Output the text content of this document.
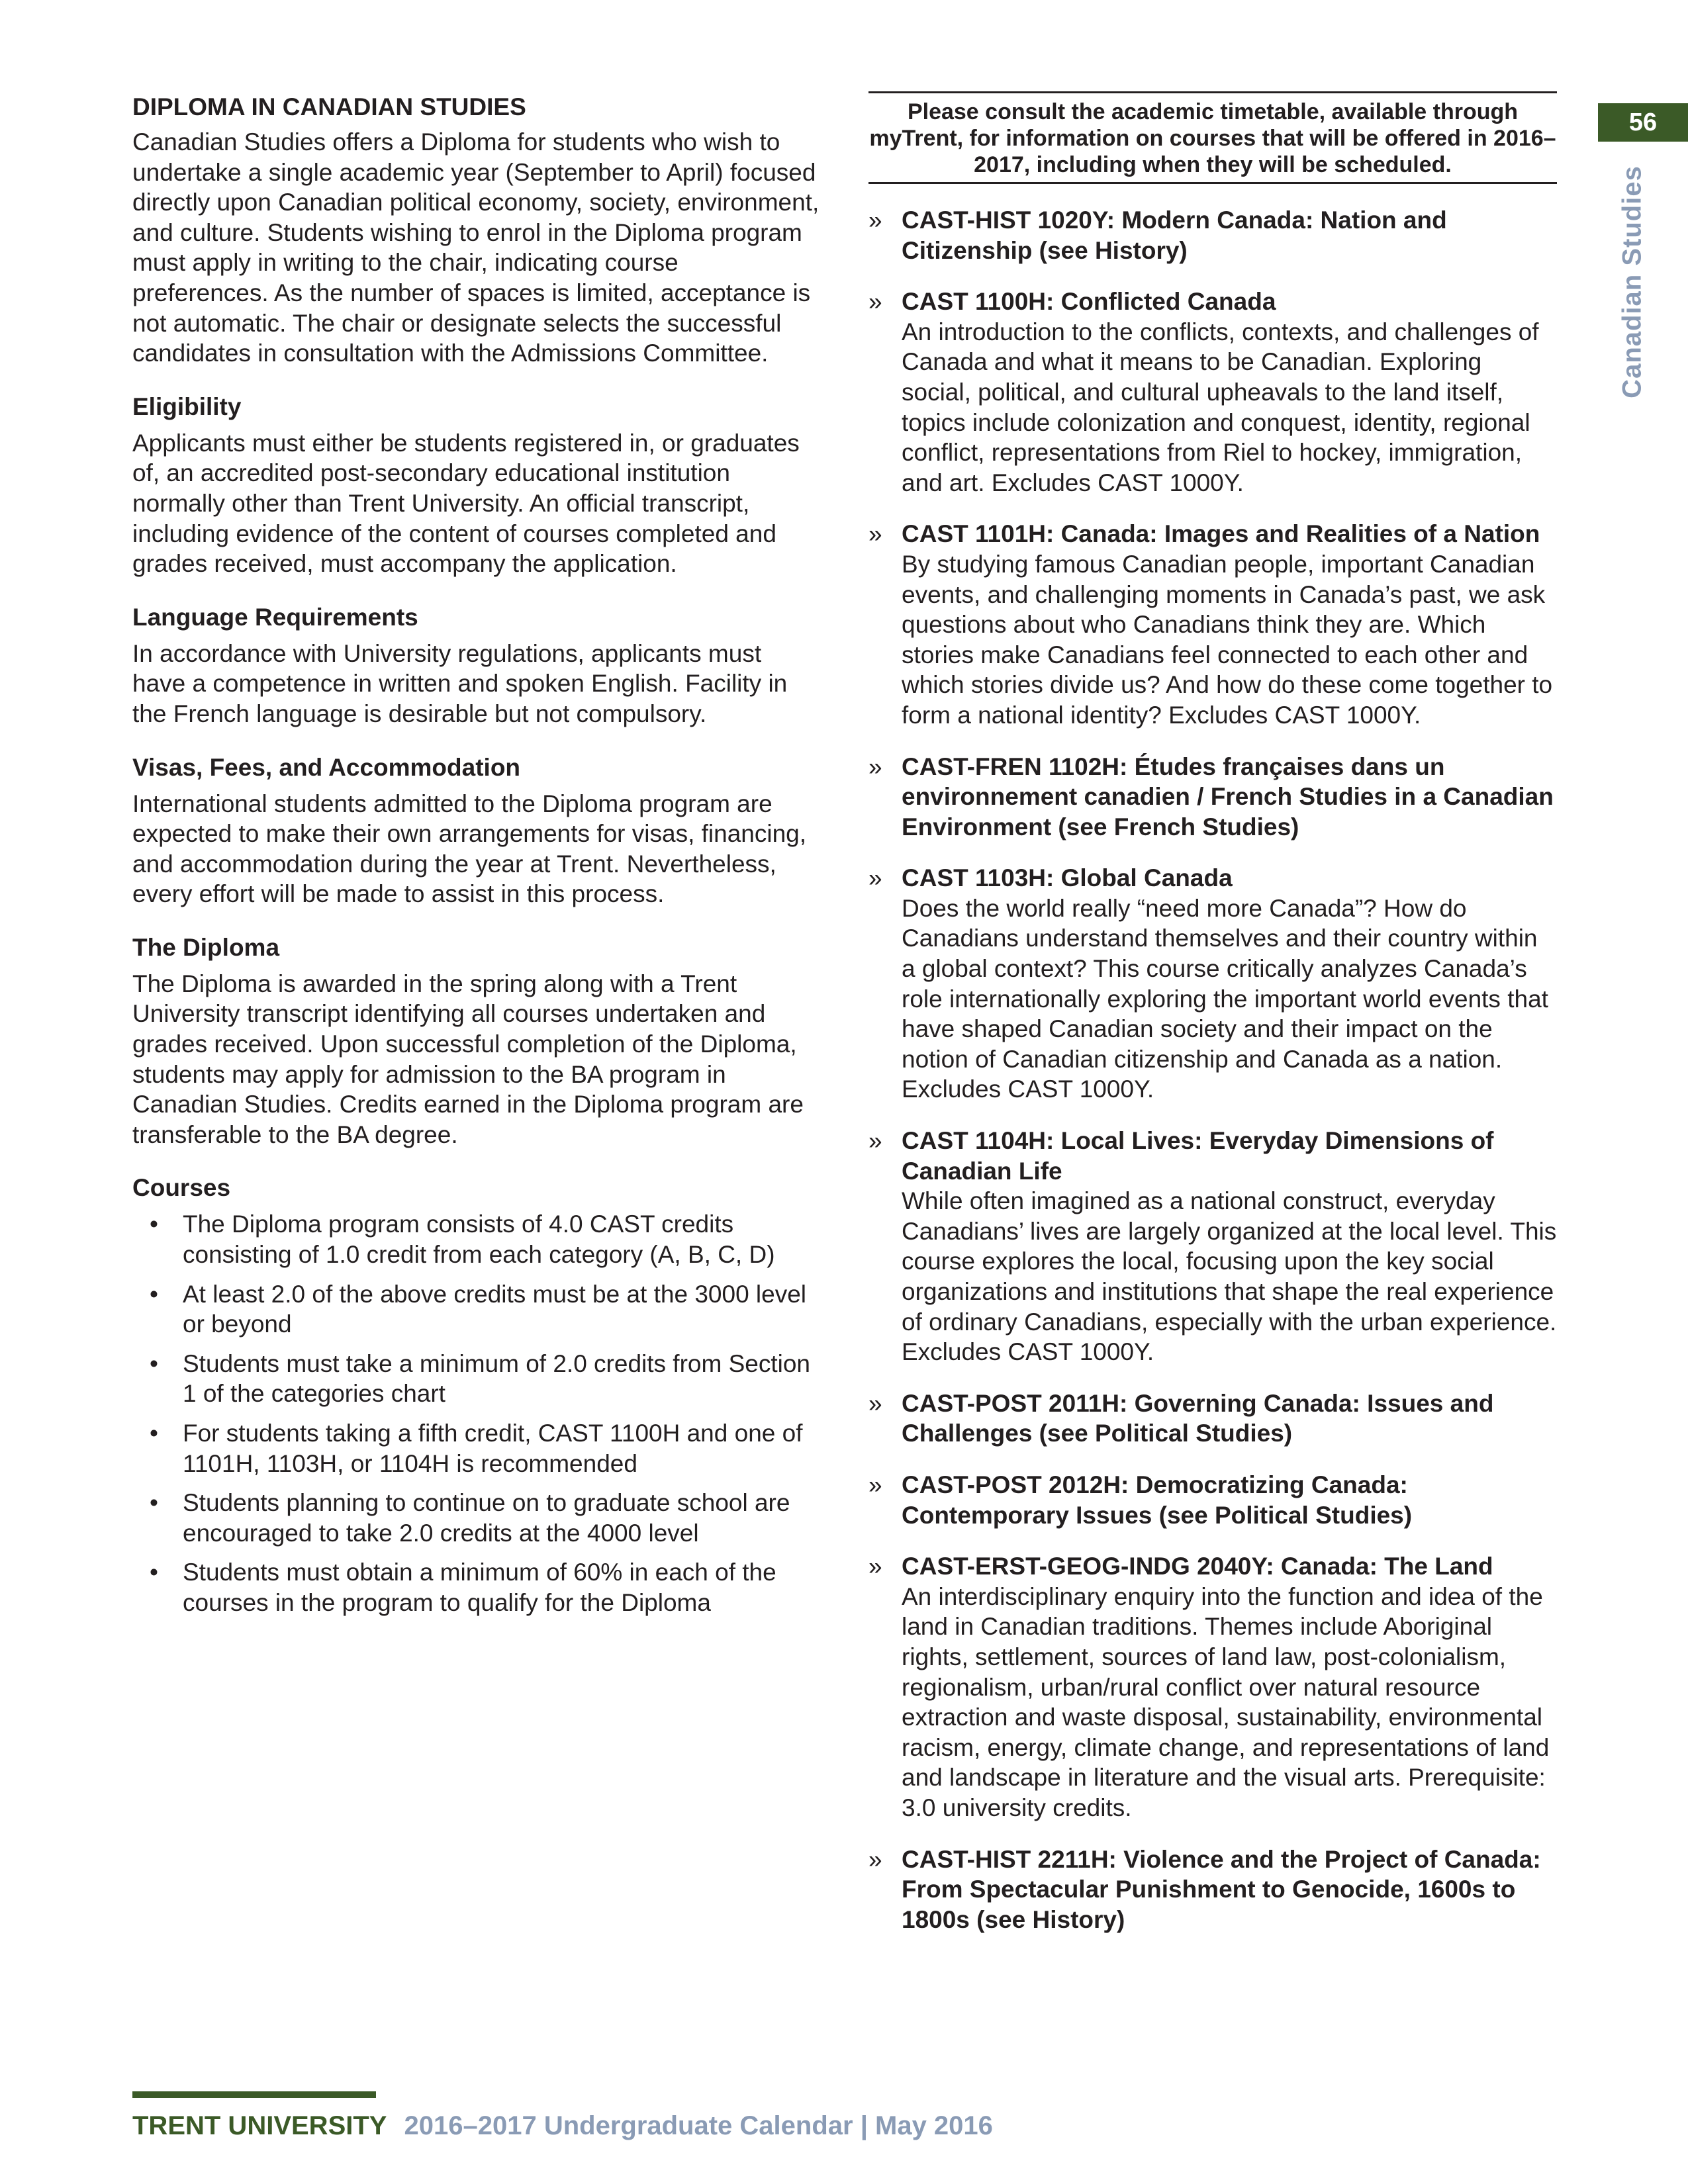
56
Canadian Studies
DIPLOMA IN CANADIAN STUDIES

Canadian Studies offers a Diploma for students who wish to undertake a single academic year (September to April) focused directly upon Canadian political economy, society, environment, and culture. Students wishing to enrol in the Diploma program must apply in writing to the chair, indicating course preferences. As the number of spaces is limited, acceptance is not automatic. The chair or designate selects the successful candidates in consultation with the Admissions Committee.

Eligibility

Applicants must either be students registered in, or graduates of, an accredited post-secondary educational institution normally other than Trent University. An official transcript, including evidence of the content of courses completed and grades received, must accompany the application.

Language Requirements

In accordance with University regulations, applicants must have a competence in written and spoken English. Facility in the French language is desirable but not compulsory.

Visas, Fees, and Accommodation

International students admitted to the Diploma program are expected to make their own arrangements for visas, financing, and accommodation during the year at Trent. Nevertheless, every effort will be made to assist in this process.

The Diploma

The Diploma is awarded in the spring along with a Trent University transcript identifying all courses undertaken and grades received. Upon successful completion of the Diploma, students may apply for admission to the BA program in Canadian Studies. Credits earned in the Diploma program are transferable to the BA degree.

Courses
• The Diploma program consists of 4.0 CAST credits consisting of 1.0 credit from each category (A, B, C, D)
• At least 2.0 of the above credits must be at the 3000 level or beyond
• Students must take a minimum of 2.0 credits from Section 1 of the categories chart
• For students taking a fifth credit, CAST 1100H and one of 1101H, 1103H, or 1104H is recommended
• Students planning to continue on to graduate school are encouraged to take 2.0 credits at the 4000 level
• Students must obtain a minimum of 60% in each of the courses in the program to qualify for the Diploma

Please consult the academic timetable, available through myTrent, for information on courses that will be offered in 2016–2017, including when they will be scheduled.

» CAST-HIST 1020Y: Modern Canada: Nation and Citizenship (see History)
» CAST 1100H: Conflicted Canada
An introduction to the conflicts, contexts, and challenges of Canada and what it means to be Canadian. Exploring social, political, and cultural upheavals to the land itself, topics include colonization and conquest, identity, regional conflict, representations from Riel to hockey, immigration, and art. Excludes CAST 1000Y.
» CAST 1101H: Canada: Images and Realities of a Nation
By studying famous Canadian people, important Canadian events, and challenging moments in Canada’s past, we ask questions about who Canadians think they are. Which stories make Canadians feel connected to each other and which stories divide us? And how do these come together to form a national identity? Excludes CAST 1000Y.
» CAST-FREN 1102H: Études françaises dans un environnement canadien / French Studies in a Canadian Environment (see French Studies)
» CAST 1103H: Global Canada
Does the world really “need more Canada”? How do Canadians understand themselves and their country within a global context? This course critically analyzes Canada’s role internationally exploring the important world events that have shaped Canadian society and their impact on the notion of Canadian citizenship and Canada as a nation. Excludes CAST 1000Y.
» CAST 1104H: Local Lives: Everyday Dimensions of Canadian Life
While often imagined as a national construct, everyday Canadians’ lives are largely organized at the local level. This course explores the local, focusing upon the key social organizations and institutions that shape the real experience of ordinary Canadians, especially with the urban experience. Excludes CAST 1000Y.
» CAST-POST 2011H: Governing Canada: Issues and Challenges (see Political Studies)
» CAST-POST 2012H: Democratizing Canada: Contemporary Issues (see Political Studies)
» CAST-ERST-GEOG-INDG 2040Y: Canada: The Land
An interdisciplinary enquiry into the function and idea of the land in Canadian traditions. Themes include Aboriginal rights, settlement, sources of land law, post-colonialism, regionalism, urban/rural conflict over natural resource extraction and waste disposal, sustainability, environmental racism, energy, climate change, and representations of land and landscape in literature and the visual arts. Prerequisite: 3.0 university credits.
» CAST-HIST 2211H: Violence and the Project of Canada: From Spectacular Punishment to Genocide, 1600s to 1800s (see History)
TRENT UNIVERSITY 2016–2017 Undergraduate Calendar | May 2016
